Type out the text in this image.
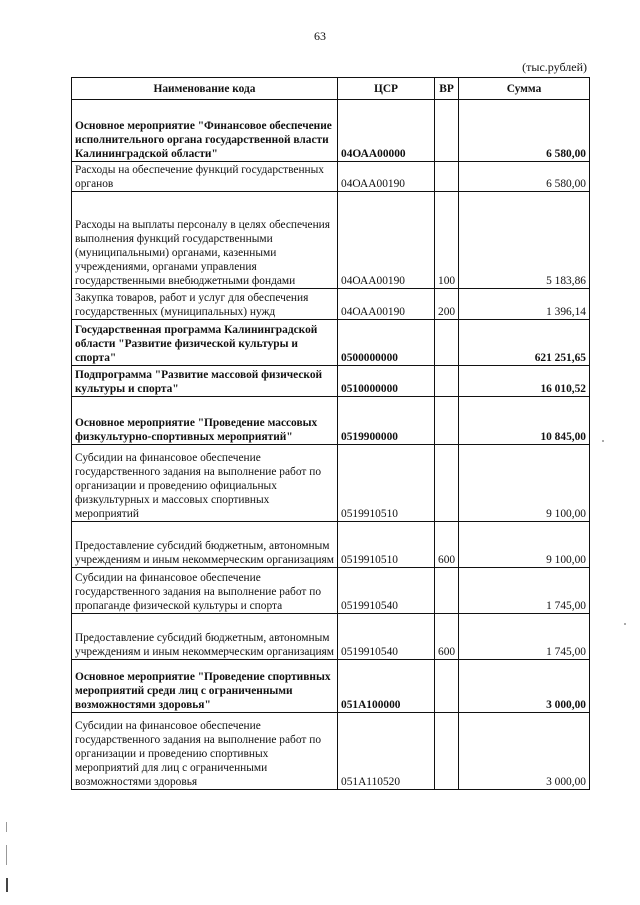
63
(тыс.рублей)
Наименование кода	ЦСР	ВР	Сумма
Основное мероприятие "Финансовое обеспечение исполнительного органа государственной власти Калининградской области"	04ОАА00000		6 580,00
Расходы на обеспечение функций государственных органов	04ОАА00190		6 580,00
Расходы на выплаты персоналу в целях обеспечения выполнения функций государственными (муниципальными) органами, казенными учреждениями, органами управления государственными внебюджетными фондами	04ОАА00190	100	5 183,86
Закупка товаров, работ и услуг для обеспечения государственных (муниципальных) нужд	04ОАА00190	200	1 396,14
Государственная программа Калининградской области "Развитие физической культуры и спорта"	0500000000		621 251,65
Подпрограмма "Развитие массовой физической культуры и спорта"	0510000000		16 010,52
Основное мероприятие "Проведение массовых физкультурно-спортивных мероприятий"	0519900000		10 845,00
Субсидии на финансовое обеспечение государственного задания на выполнение работ по организации и проведению официальных физкультурных и массовых спортивных мероприятий	0519910510		9 100,00
Предоставление субсидий бюджетным, автономным учреждениям и иным некоммерческим организациям	0519910510	600	9 100,00
Субсидии на финансовое обеспечение государственного задания на выполнение работ по пропаганде физической культуры и спорта	0519910540		1 745,00
Предоставление субсидий бюджетным, автономным учреждениям и иным некоммерческим организациям	0519910540	600	1 745,00
Основное мероприятие "Проведение спортивных мероприятий среди лиц с ограниченными возможностями здоровья"	051А100000		3 000,00
Субсидии на финансовое обеспечение государственного задания на выполнение работ по организации и проведению спортивных мероприятий для лиц с ограниченными возможностями здоровья	051А110520		3 000,00
